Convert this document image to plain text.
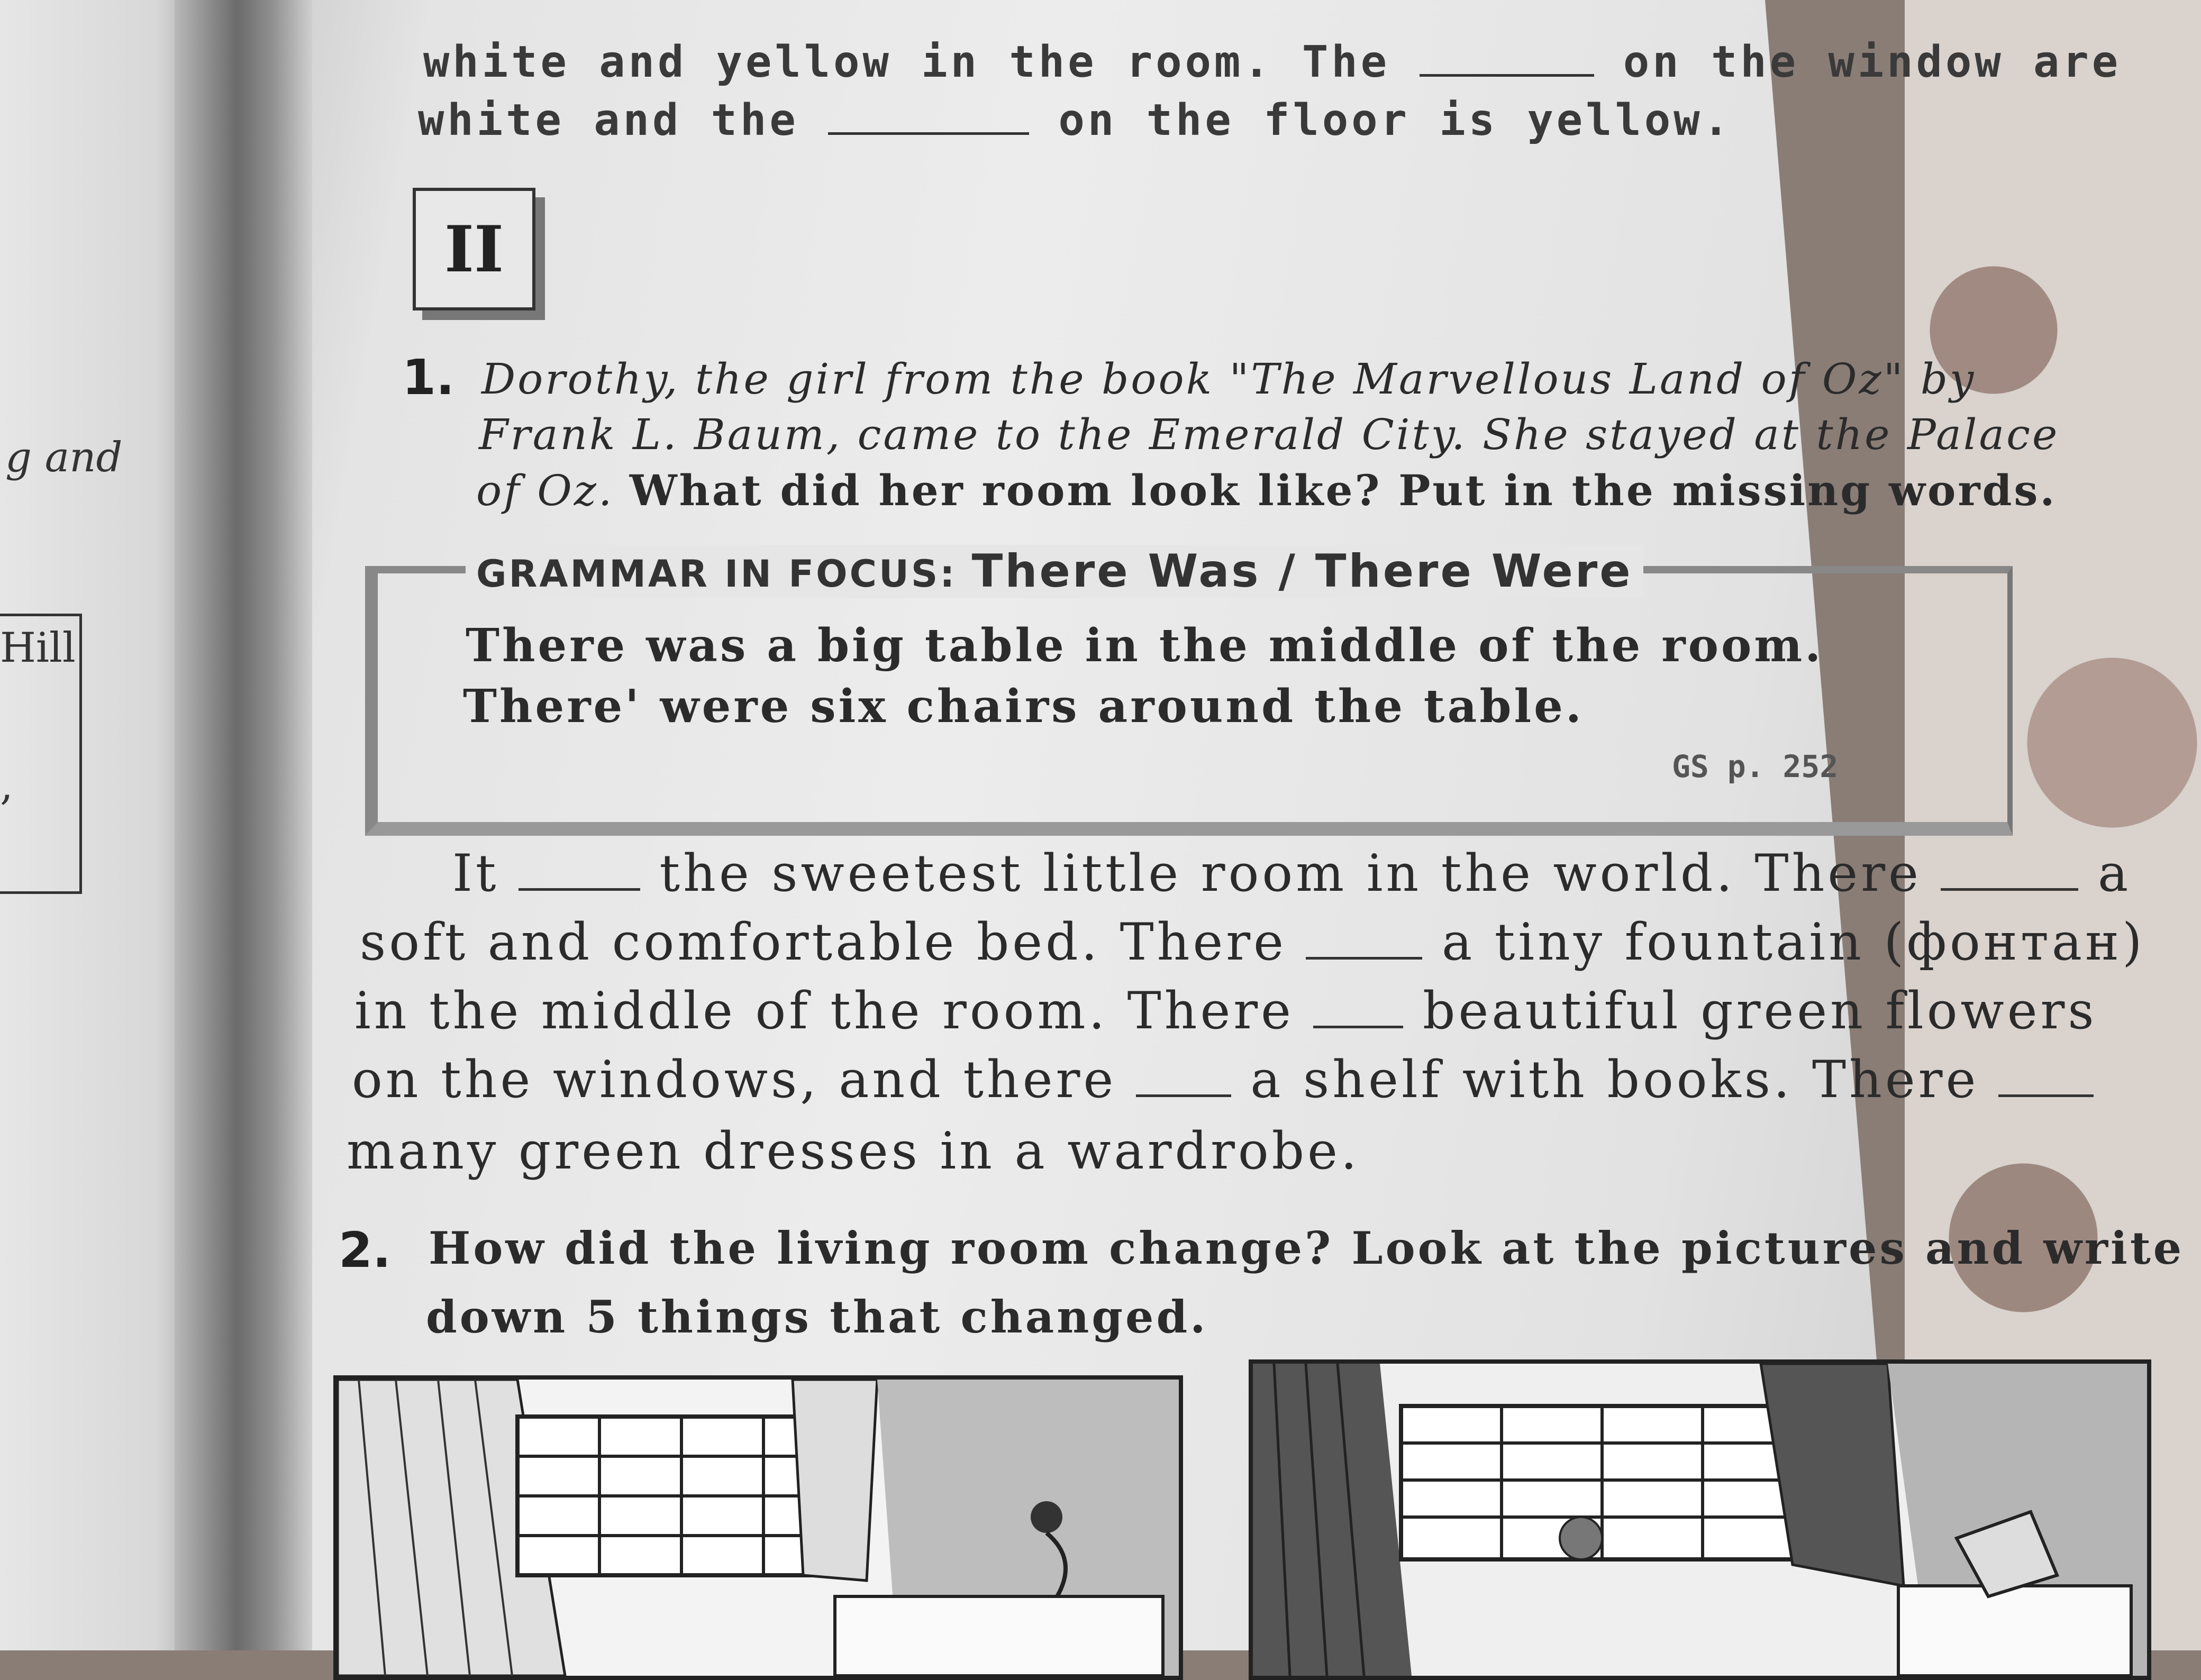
g and
Hill
,
white and yellow in the room. The	on the window are
white and the	on the floor is yellow.
II
1. Dorothy, the girl from the book "The Marvellous Land of Oz" by
Frank L. Baum, came to the Emerald City. She stayed at the Palace
of Oz. What did her room look like? Put in the missing words.
GRAMMAR IN FOCUS: There Was / There Were
There was a big table in the middle of the room.
There' were six chairs around the table.
GS p. 252
It	the sweetest little room in the world. There	a
soft and comfortable bed. There	a tiny fountain (фонтан)
in the middle of the room. There	beautiful green flowers
on the windows, and there	a shelf with books. There
many green dresses in a wardrobe.
2. How did the living room change? Look at the pictures and write
down 5 things that changed.
